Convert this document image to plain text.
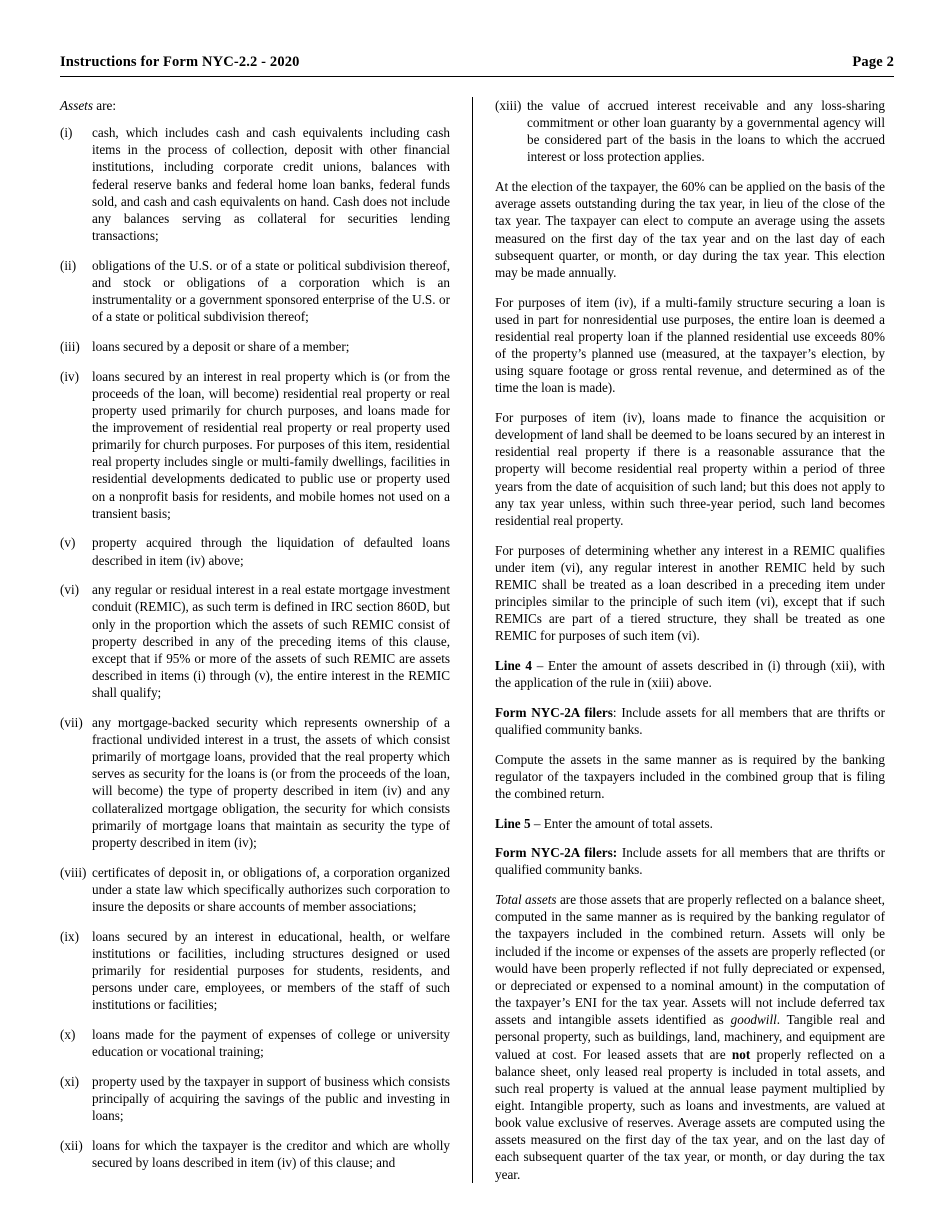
Instructions for Form NYC-2.2 - 2020	Page 2
Assets are:
(i)	cash, which includes cash and cash equivalents including cash items in the process of collection, deposit with other financial institutions, including corporate credit unions, balances with federal reserve banks and federal home loan banks, federal funds sold, and cash and cash equivalents on hand. Cash does not include any balances serving as collateral for securities lending transactions;
(ii)	obligations of the U.S. or of a state or political subdivision thereof, and stock or obligations of a corporation which is an instrumentality or a government sponsored enterprise of the U.S. or of a state or political subdivision thereof;
(iii) loans secured by a deposit or share of a member;
(iv) loans secured by an interest in real property which is (or from the proceeds of the loan, will become) residential real property or real property used primarily for church purposes, and loans made for the improvement of residential real property or real property used primarily for church purposes. For purposes of this item, residential real property includes single or multi-family dwellings, facilities in residential developments dedicated to public use or property used on a nonprofit basis for residents, and mobile homes not used on a transient basis;
(v)	property acquired through the liquidation of defaulted loans described in item (iv) above;
(vi) any regular or residual interest in a real estate mortgage investment conduit (REMIC), as such term is defined in IRC section 860D, but only in the proportion which the assets of such REMIC consist of property described in any of the preceding items of this clause, except that if 95% or more of the assets of such REMIC are assets described in items (i) through (v), the entire interest in the REMIC shall qualify;
(vii) any mortgage-backed security which represents ownership of a fractional undivided interest in a trust, the assets of which consist primarily of mortgage loans, provided that the real property which serves as security for the loans is (or from the proceeds of the loan, will become) the type of property described in item (iv) and any collateralized mortgage obligation, the security for which consists primarily of mortgage loans that maintain as security the type of property described in item (iv);
(viii) certificates of deposit in, or obligations of, a corporation organized under a state law which specifically authorizes such corporation to insure the deposits or share accounts of member associations;
(ix) loans secured by an interest in educational, health, or welfare institutions or facilities, including structures designed or used primarily for residential purposes for students, residents, and persons under care, employees, or members of the staff of such institutions or facilities;
(x)	loans made for the payment of expenses of college or university education or vocational training;
(xi) property used by the taxpayer in support of business which consists principally of acquiring the savings of the public and investing in loans;
(xii) loans for which the taxpayer is the creditor and which are wholly secured by loans described in item (iv) of this clause; and
(xiii) the value of accrued interest receivable and any loss-sharing commitment or other loan guaranty by a governmental agency will be considered part of the basis in the loans to which the accrued interest or loss protection applies.

At the election of the taxpayer, the 60% can be applied on the basis of the average assets outstanding during the tax year, in lieu of the close of the tax year. The taxpayer can elect to compute an average using the assets measured on the first day of the tax year and on the last day of each subsequent quarter, or month, or day during the tax year. This election may be made annually.

For purposes of item (iv), if a multi-family structure securing a loan is used in part for nonresidential use purposes, the entire loan is deemed a residential real property loan if the planned residential use exceeds 80% of the property’s planned use (measured, at the taxpayer’s election, by using square footage or gross rental revenue, and determined as of the time the loan is made).

For purposes of item (iv), loans made to finance the acquisition or development of land shall be deemed to be loans secured by an interest in residential real property if there is a reasonable assurance that the property will become residential real property within a period of three years from the date of acquisition of such land; but this does not apply to any tax year unless, within such three-year period, such land becomes residential real property.

For purposes of determining whether any interest in a REMIC qualifies under item (vi), any regular interest in another REMIC held by such REMIC shall be treated as a loan described in a preceding item under principles similar to the principle of such item (vi), except that if such REMICs are part of a tiered structure, they shall be treated as one REMIC for purposes of such item (vi).

Line 4 – Enter the amount of assets described in (i) through (xii), with the application of the rule in (xiii) above.

Form NYC-2A filers: Include assets for all members that are thrifts or qualified community banks.

Compute the assets in the same manner as is required by the banking regulator of the taxpayers included in the combined group that is filing the combined return.

Line 5 – Enter the amount of total assets.

Form NYC-2A filers: Include assets for all members that are thrifts or qualified community banks.

Total assets are those assets that are properly reflected on a balance sheet, computed in the same manner as is required by the banking regulator of the taxpayers included in the combined return. Assets will only be included if the income or expenses of the assets are properly reflected (or would have been properly reflected if not fully depreciated or expensed, or depreciated or expensed to a nominal amount) in the computation of the taxpayer’s ENI for the tax year. Assets will not include deferred tax assets and intangible assets identified as goodwill. Tangible real and personal property, such as buildings, land, machinery, and equipment are valued at cost. For leased assets that are not properly reflected on a balance sheet, only leased real property is included in total assets, and such real property is valued at the annual lease payment multiplied by eight. Intangible property, such as loans and investments, are valued at book value exclusive of reserves. Average assets are computed using the assets measured on the first day of the tax year, and on the last day of each subsequent quarter of the tax year, or month, or day during the tax year.
